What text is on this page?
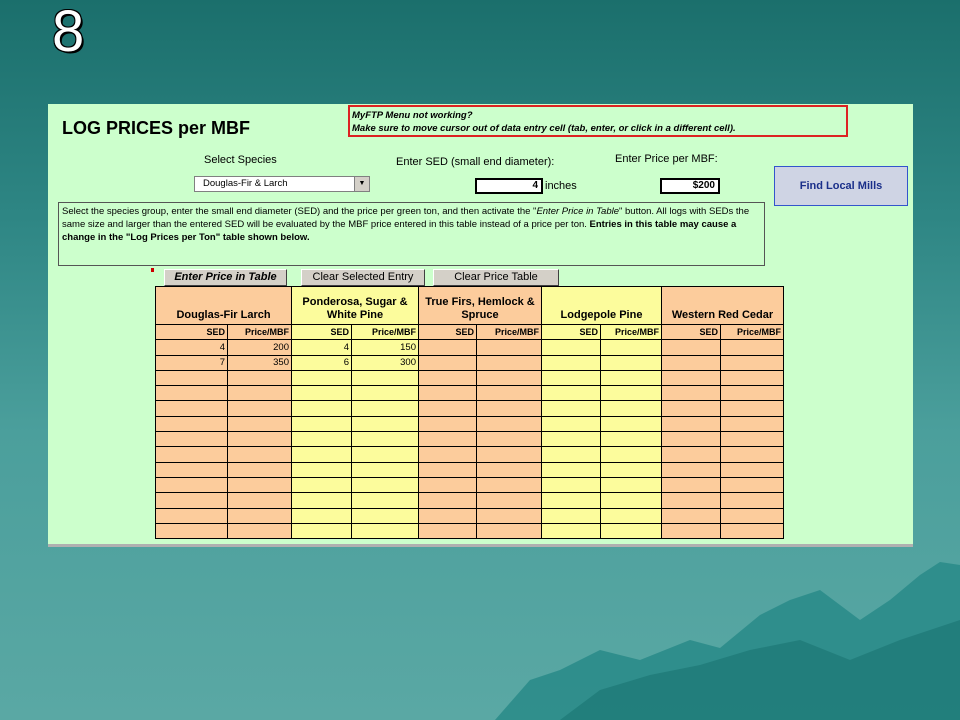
8
LOG PRICES per MBF
MyFTP Menu not working?
Make sure to move cursor out of data entry cell (tab, enter, or click in a different cell).
Select Species
Douglas-Fir & Larch	▼
Enter SED (small end diameter):
4 inches
Enter Price per MBF:
$200	Find Local Mills
Select the species group, enter the small end diameter (SED) and the price per green ton, and then activate the "Enter Price in Table" button. All logs with SEDs the same size and larger than the entered SED will be evaluated by the MBF price entered in this table instead of a price per ton. Entries in this table may cause a change in the "Log Prices per Ton" table shown below.
Enter Price in Table	Clear Selected Entry	Clear Price Table
Douglas-Fir Larch		Ponderosa, Sugar & White Pine		True Firs, Hemlock & Spruce		Lodgepole Pine		Western Red Cedar	
SED	Price/MBF	SED	Price/MBF	SED	Price/MBF	SED	Price/MBF	SED	Price/MBF
4	200	4	150						
7	350	6	300						
